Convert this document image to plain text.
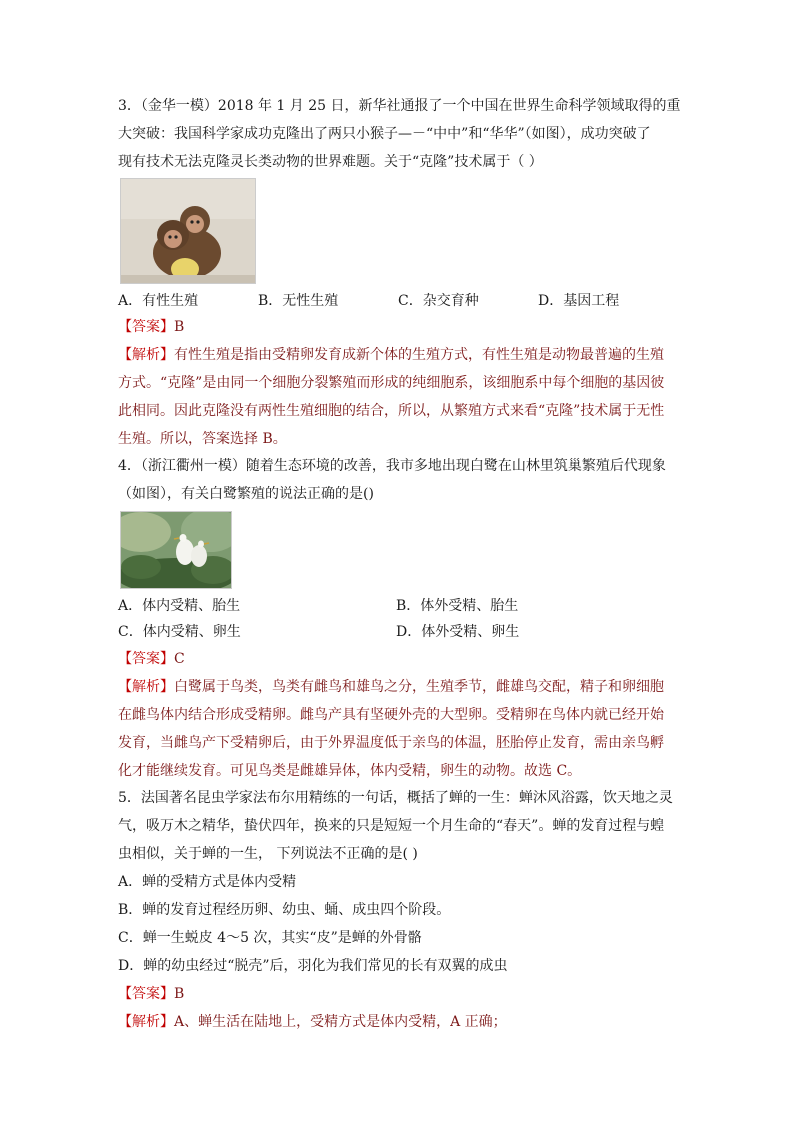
3．（金华一模）2018 年 1 月 25 日，新华社通报了一个中国在世界生命科学领域取得的重
大突破：我国科学家成功克隆出了两只小猴子—－“中中”和“华华”（如图），成功突破了
现有技术无法克隆灵长类动物的世界难题。关于“克隆”技术属于（ ）
A．有性生殖	B．无性生殖	C．杂交育种	D．基因工程
【答案】B
【解析】有性生殖是指由受精卵发育成新个体的生殖方式，有性生殖是动物最普遍的生殖
方式。“克隆”是由同一个细胞分裂繁殖而形成的纯细胞系，该细胞系中每个细胞的基因彼
此相同。因此克隆没有两性生殖细胞的结合，所以，从繁殖方式来看“克隆”技术属于无性
生殖。所以，答案选择 B。
4．（浙江衢州一模）随着生态环境的改善，我市多地出现白鹭在山林里筑巢繁殖后代现象
（如图），有关白鹭繁殖的说法正确的是()
A．体内受精、胎生	B．体外受精、胎生
C．体内受精、卵生	D．体外受精、卵生
【答案】C
【解析】白鹭属于鸟类，鸟类有雌鸟和雄鸟之分，生殖季节，雌雄鸟交配，精子和卵细胞
在雌鸟体内结合形成受精卵。雌鸟产具有坚硬外壳的大型卵。受精卵在鸟体内就已经开始
发育，当雌鸟产下受精卵后，由于外界温度低于亲鸟的体温，胚胎停止发育，需由亲鸟孵
化才能继续发育。可见鸟类是雌雄异体，体内受精，卵生的动物。故选 C。
5．法国著名昆虫学家法布尔用精练的一句话，概括了蝉的一生：蝉沐风浴露，饮天地之灵
气，吸万木之精华，蛰伏四年，换来的只是短短一个月生命的“春天”。蝉的发育过程与蝗
虫相似，关于蝉的一生， 下列说法不正确的是( )
A．蝉的受精方式是体内受精
B．蝉的发育过程经历卵、幼虫、蛹、成虫四个阶段。
C．蝉一生蜕皮 4～5 次，其实“皮”是蝉的外骨骼
D．蝉的幼虫经过“脱壳”后，羽化为我们常见的长有双翼的成虫
【答案】B
【解析】A、蝉生活在陆地上，受精方式是体内受精，A 正确；
